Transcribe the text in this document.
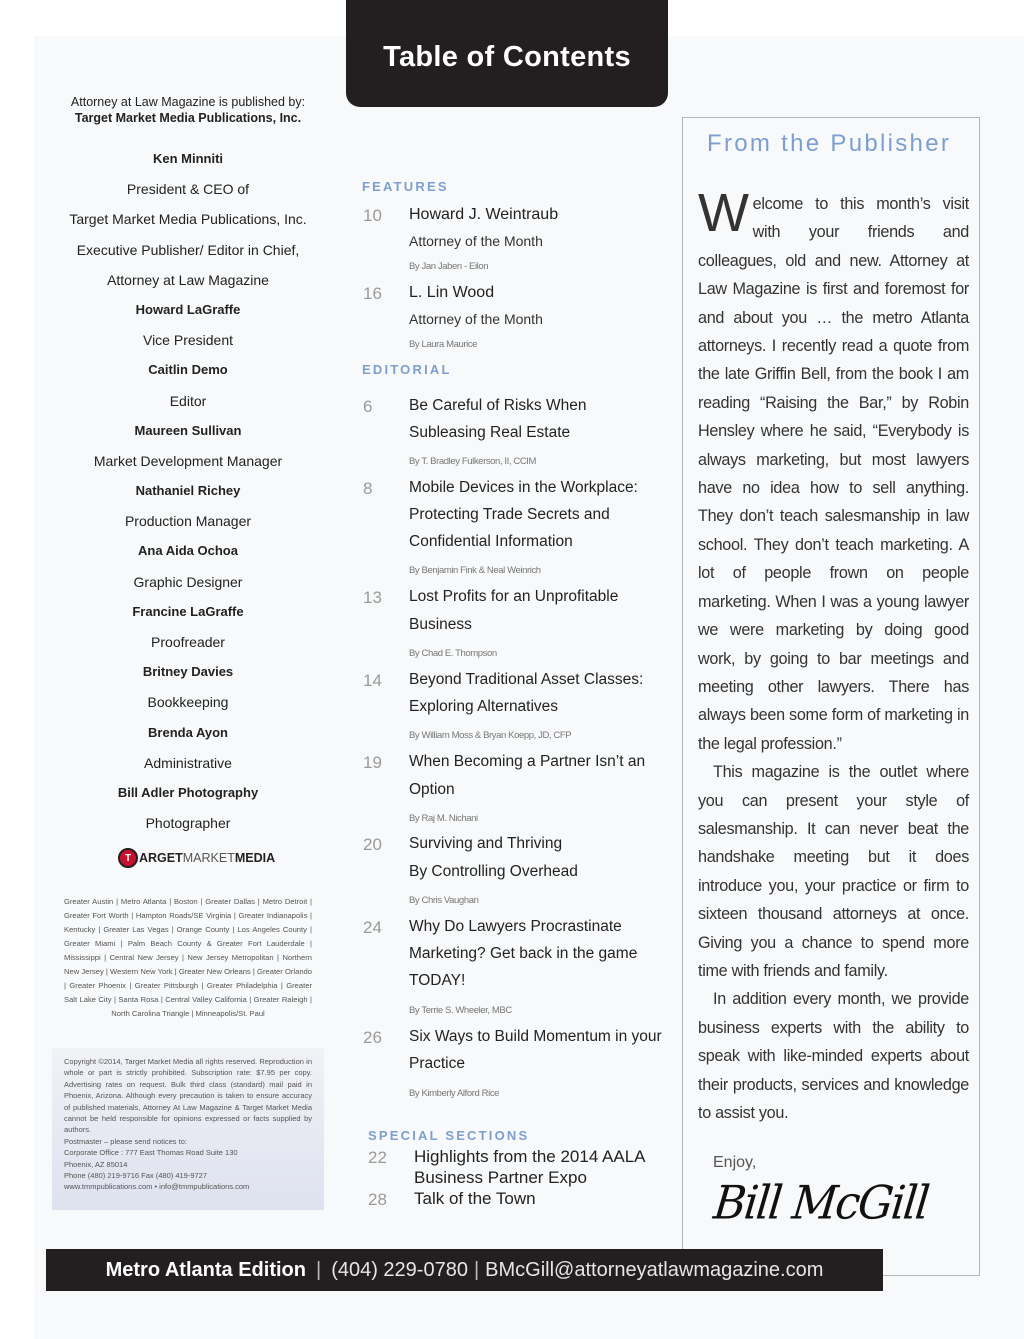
Table of Contents
Attorney at Law Magazine is published by:
Target Market Media Publications, Inc.
Ken Minniti
President & CEO of
Target Market Media Publications, Inc.
Executive Publisher/ Editor in Chief,
Attorney at Law Magazine
Howard LaGraffe
Vice President
Caitlin Demo
Editor
Maureen Sullivan
Market Development Manager
Nathaniel Richey
Production Manager
Ana Aida Ochoa
Graphic Designer
Francine LaGraffe
Proofreader
Britney Davies
Bookkeeping
Brenda Ayon
Administrative
Bill Adler Photography
Photographer
T ARGET MARKET MEDIA
Greater Austin | Metro Atlanta | Boston | Greater Dallas | Metro Detroit | Greater Fort Worth | Hampton Roads/SE Virginia | Greater Indianapolis | Kentucky | Greater Las Vegas | Orange County | Los Angeles County | Greater Miami | Palm Beach County & Greater Fort Lauderdale | Mississippi | Central New Jersey | New Jersey Metropolitan | Northern New Jersey | Western New York | Greater New Orleans | Greater Orlando | Greater Phoenix | Greater Pittsburgh | Greater Philadelphia | Greater Salt Lake City | Santa Rosa | Central Valley California | Greater Raleigh | North Carolina Triangle | Minneapolis/St. Paul

Copyright ©2014, Target Market Media all rights reserved. Reproduction in whole or part is strictly prohibited. Subscription rate: $7.95 per copy. Advertising rates on request. Bulk third class (standard) mail paid in Phoenix, Arizona. Although every precaution is taken to ensure accuracy of published materials, Attorney At Law Magazine & Target Market Media cannot be held responsible for opinions expressed or facts supplied by authors.

Postmaster – please send notices to:

Corporate Office : 777 East Thomas Road Suite 130

Phoenix, AZ 85014

Phone (480) 219-9716 Fax (480) 419-9727

www.tmmpublications.com • info@tmmpublications.com

FEATURES
10 Howard J. Weintraub
Attorney of the Month
By Jan Jaben - Eilon
16 L. Lin Wood
Attorney of the Month
By Laura Maurice
EDITORIAL
6 Be Careful of Risks When
Subleasing Real Estate
By T. Bradley Fulkerson, II, CCIM
8 Mobile Devices in the Workplace:
Protecting Trade Secrets and
Confidential Information
By Benjamin Fink & Neal Weinrich
13 Lost Profits for an Unprofitable
Business
By Chad E. Thompson
14 Beyond Traditional Asset Classes:
Exploring Alternatives
By William Moss & Bryan Koepp, JD, CFP
19 When Becoming a Partner Isn’t an
Option
By Raj M. Nichani
20 Surviving and Thriving
By Controlling Overhead
By Chris Vaughan
24 Why Do Lawyers Procrastinate
Marketing? Get back in the game
TODAY!
By Terrie S. Wheeler, MBC
26 Six Ways to Build Momentum in your
Practice
By Kimberly Alford Rice
SPECIAL SECTIONS
22 Highlights from the 2014 AALA
Business Partner Expo
28 Talk of the Town
From the Publisher

Welcome to this month’s visit with your friends and colleagues, old and new. Attorney at Law Magazine is first and foremost for and about you … the metro Atlanta attorneys. I recently read a quote from the late Griffin Bell, from the book I am reading “Raising the Bar,” by Robin Hensley where he said, “Everybody is always marketing, but most lawyers have no idea how to sell anything. They don’t teach salesmanship in law school. They don’t teach marketing. A lot of people frown on people marketing. When I was a young lawyer we were marketing by doing good work, by going to bar meetings and meeting other lawyers. There has always been some form of marketing in the legal profession.”

This magazine is the outlet where you can present your style of salesmanship. It can never beat the handshake meeting but it does introduce you, your practice or firm to sixteen thousand attorneys at once. Giving you a chance to spend more time with friends and family.

In addition every month, we provide business experts with the ability to speak with like-minded experts about their products, services and knowledge to assist you.

Enjoy,
Bill McGill
Metro Atlanta Edition | (404) 229-0780 | BMcGill@attorneyatlawmagazine.com
